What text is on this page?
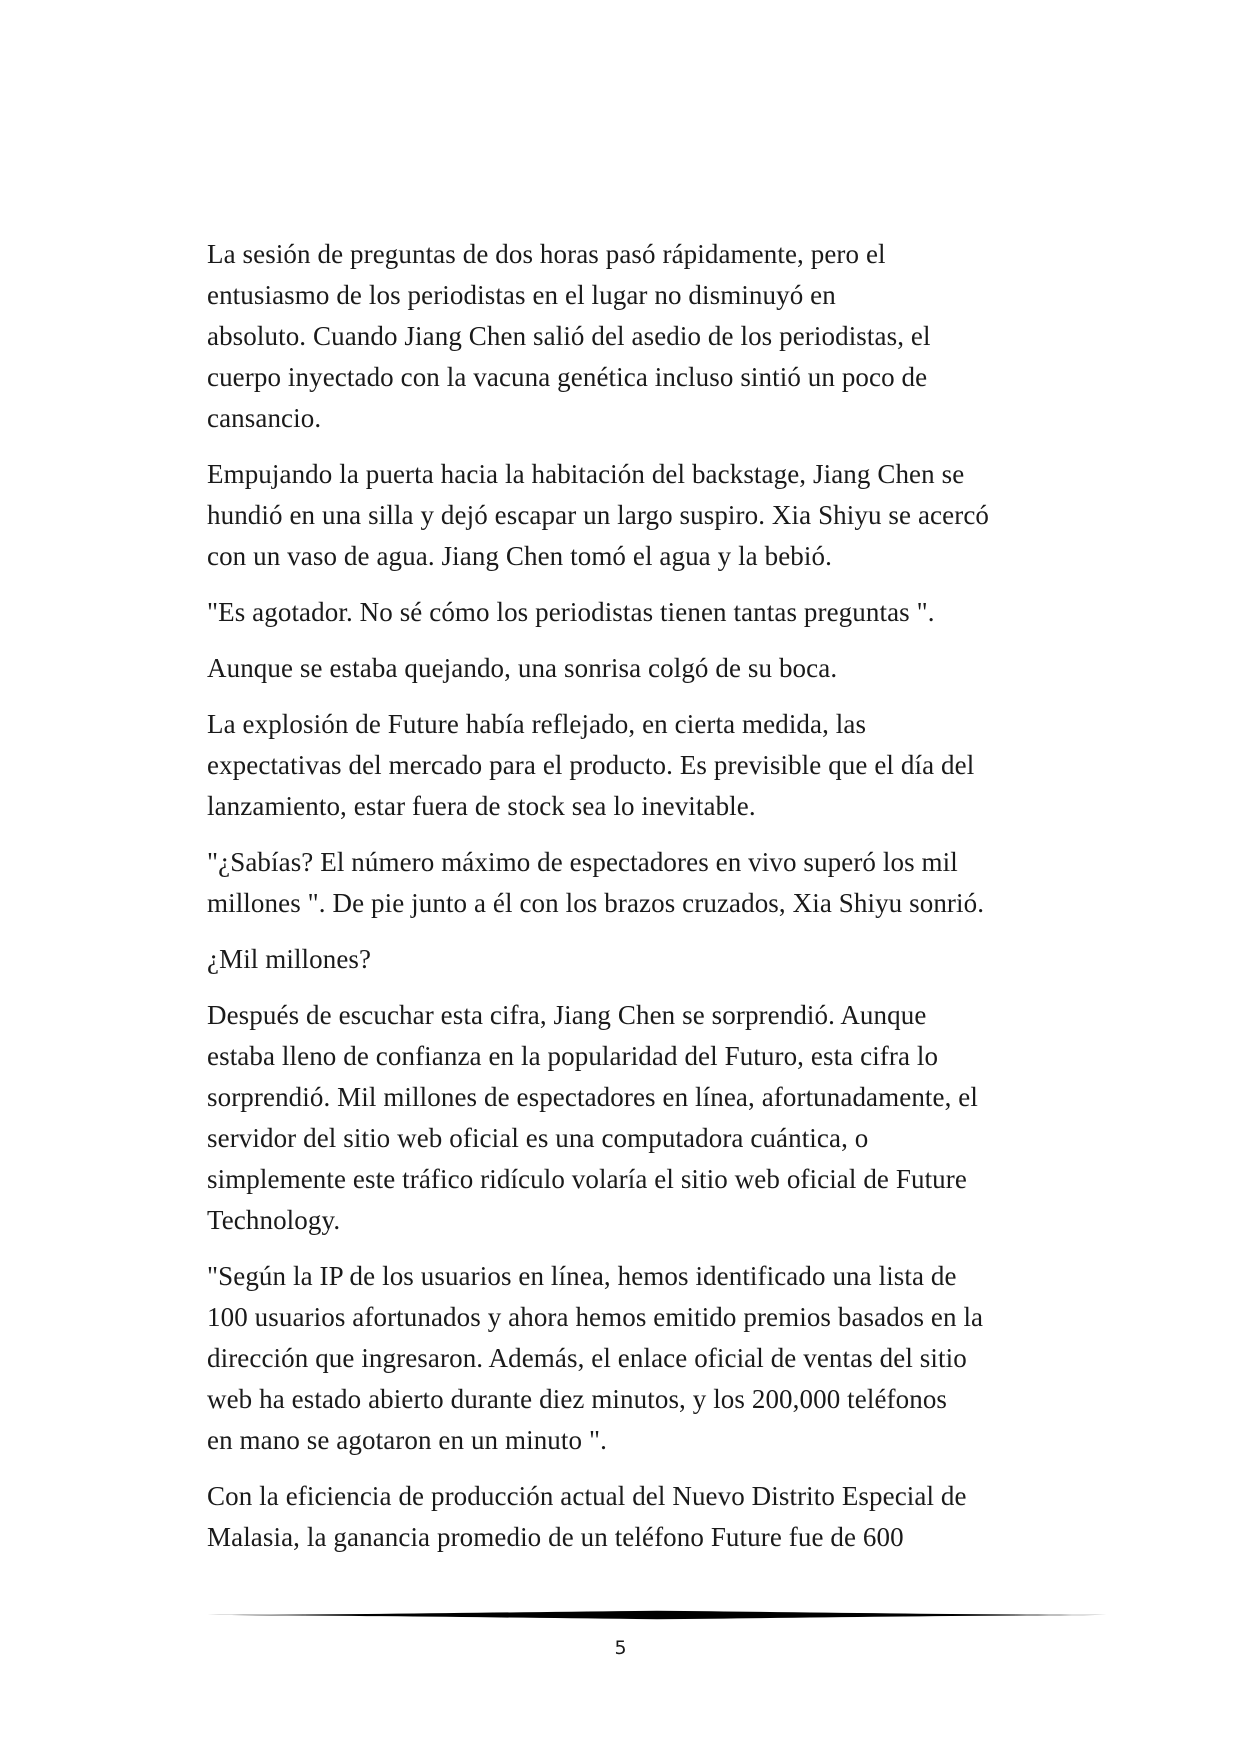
La sesión de preguntas de dos horas pasó rápidamente, pero el
entusiasmo de los periodistas en el lugar no disminuyó en
absoluto. Cuando Jiang Chen salió del asedio de los periodistas, el
cuerpo inyectado con la vacuna genética incluso sintió un poco de
cansancio.

Empujando la puerta hacia la habitación del backstage, Jiang Chen se
hundió en una silla y dejó escapar un largo suspiro. Xia Shiyu se acercó
con un vaso de agua. Jiang Chen tomó el agua y la bebió.

"Es agotador. No sé cómo los periodistas tienen tantas preguntas ".

Aunque se estaba quejando, una sonrisa colgó de su boca.

La explosión de Future había reflejado, en cierta medida, las
expectativas del mercado para el producto. Es previsible que el día del
lanzamiento, estar fuera de stock sea lo inevitable.

"¿Sabías? El número máximo de espectadores en vivo superó los mil
millones ". De pie junto a él con los brazos cruzados, Xia Shiyu sonrió.

¿Mil millones?

Después de escuchar esta cifra, Jiang Chen se sorprendió. Aunque
estaba lleno de confianza en la popularidad del Futuro, esta cifra lo
sorprendió. Mil millones de espectadores en línea, afortunadamente, el
servidor del sitio web oficial es una computadora cuántica, o
simplemente este tráfico ridículo volaría el sitio web oficial de Future
Technology.

"Según la IP de los usuarios en línea, hemos identificado una lista de
100 usuarios afortunados y ahora hemos emitido premios basados en la
dirección que ingresaron. Además, el enlace oficial de ventas del sitio
web ha estado abierto durante diez minutos, y los 200,000 teléfonos
en mano se agotaron en un minuto ".

Con la eficiencia de producción actual del Nuevo Distrito Especial de
Malasia, la ganancia promedio de un teléfono Future fue de 600

5
